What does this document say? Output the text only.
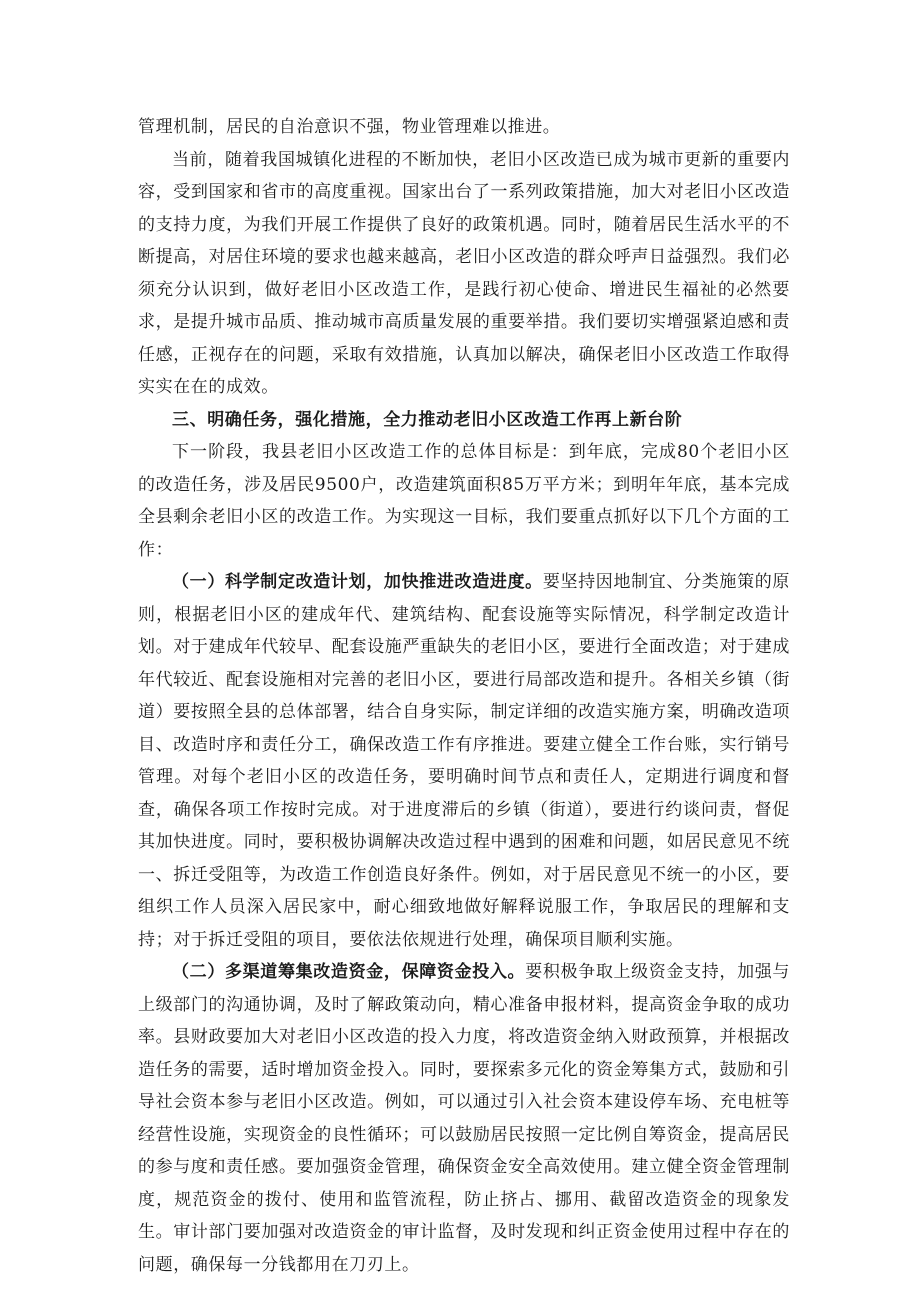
管理机制，居民的自治意识不强，物业管理难以推进。

当前，随着我国城镇化进程的不断加快，老旧小区改造已成为城市更新的重要内容，受到国家和省市的高度重视。国家出台了一系列政策措施，加大对老旧小区改造的支持力度，为我们开展工作提供了良好的政策机遇。同时，随着居民生活水平的不断提高，对居住环境的要求也越来越高，老旧小区改造的群众呼声日益强烈。我们必须充分认识到，做好老旧小区改造工作，是践行初心使命、增进民生福祉的必然要求，是提升城市品质、推动城市高质量发展的重要举措。我们要切实增强紧迫感和责任感，正视存在的问题，采取有效措施，认真加以解决，确保老旧小区改造工作取得实实在在的成效。

三、明确任务，强化措施，全力推动老旧小区改造工作再上新台阶

下一阶段，我县老旧小区改造工作的总体目标是：到年底，完成80个老旧小区的改造任务，涉及居民9500户，改造建筑面积85万平方米；到明年年底，基本完成全县剩余老旧小区的改造工作。为实现这一目标，我们要重点抓好以下几个方面的工作：

（一）科学制定改造计划，加快推进改造进度。要坚持因地制宜、分类施策的原则，根据老旧小区的建成年代、建筑结构、配套设施等实际情况，科学制定改造计划。对于建成年代较早、配套设施严重缺失的老旧小区，要进行全面改造；对于建成年代较近、配套设施相对完善的老旧小区，要进行局部改造和提升。各相关乡镇（街道）要按照全县的总体部署，结合自身实际，制定详细的改造实施方案，明确改造项目、改造时序和责任分工，确保改造工作有序推进。要建立健全工作台账，实行销号管理。对每个老旧小区的改造任务，要明确时间节点和责任人，定期进行调度和督查，确保各项工作按时完成。对于进度滞后的乡镇（街道），要进行约谈问责，督促其加快进度。同时，要积极协调解决改造过程中遇到的困难和问题，如居民意见不统一、拆迁受阻等，为改造工作创造良好条件。例如，对于居民意见不统一的小区，要组织工作人员深入居民家中，耐心细致地做好解释说服工作，争取居民的理解和支持；对于拆迁受阻的项目，要依法依规进行处理，确保项目顺利实施。

（二）多渠道筹集改造资金，保障资金投入。要积极争取上级资金支持，加强与上级部门的沟通协调，及时了解政策动向，精心准备申报材料，提高资金争取的成功率。县财政要加大对老旧小区改造的投入力度，将改造资金纳入财政预算，并根据改造任务的需要，适时增加资金投入。同时，要探索多元化的资金筹集方式，鼓励和引导社会资本参与老旧小区改造。例如，可以通过引入社会资本建设停车场、充电桩等经营性设施，实现资金的良性循环；可以鼓励居民按照一定比例自筹资金，提高居民的参与度和责任感。要加强资金管理，确保资金安全高效使用。建立健全资金管理制度，规范资金的拨付、使用和监管流程，防止挤占、挪用、截留改造资金的现象发生。审计部门要加强对改造资金的审计监督，及时发现和纠正资金使用过程中存在的问题，确保每一分钱都用在刀刃上。
